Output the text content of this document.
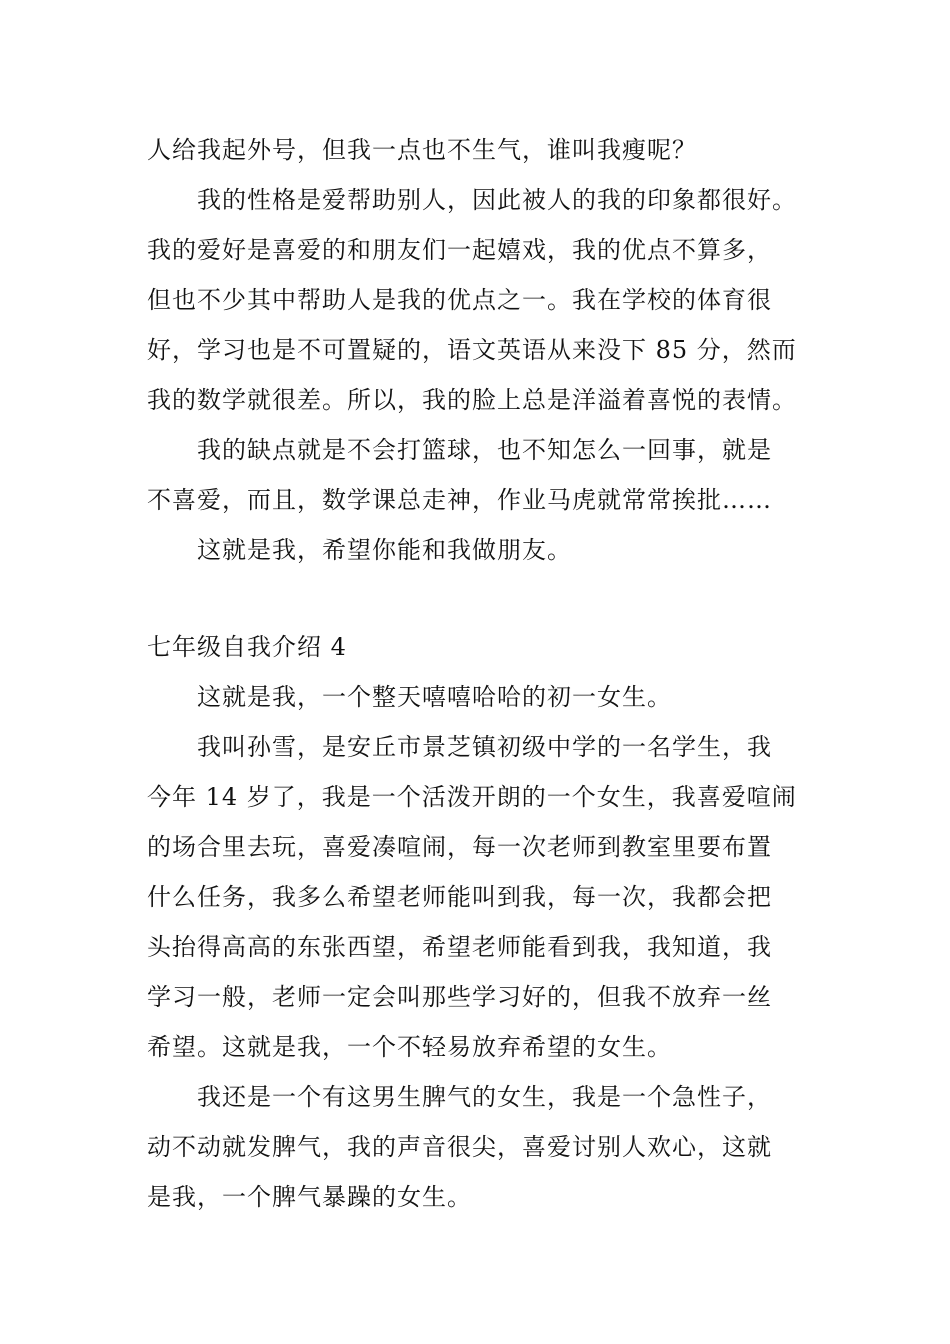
人给我起外号，但我一点也不生气，谁叫我瘦呢？
我的性格是爱帮助别人，因此被人的我的印象都很好。
我的爱好是喜爱的和朋友们一起嬉戏，我的优点不算多，
但也不少其中帮助人是我的优点之一。我在学校的体育很
好，学习也是不可置疑的，语文英语从来没下 85 分，然而
我的数学就很差。所以，我的脸上总是洋溢着喜悦的表情。
我的缺点就是不会打篮球，也不知怎么一回事，就是
不喜爱，而且，数学课总走神，作业马虎就常常挨批……
这就是我，希望你能和我做朋友。
七年级自我介绍 4
这就是我，一个整天嘻嘻哈哈的初一女生。
我叫孙雪，是安丘市景芝镇初级中学的一名学生，我
今年 14 岁了，我是一个活泼开朗的一个女生，我喜爱喧闹
的场合里去玩，喜爱凑喧闹，每一次老师到教室里要布置
什么任务，我多么希望老师能叫到我，每一次，我都会把
头抬得高高的东张西望，希望老师能看到我，我知道，我
学习一般，老师一定会叫那些学习好的，但我不放弃一丝
希望。这就是我，一个不轻易放弃希望的女生。
我还是一个有这男生脾气的女生，我是一个急性子，
动不动就发脾气，我的声音很尖，喜爱讨别人欢心，这就
是我，一个脾气暴躁的女生。
